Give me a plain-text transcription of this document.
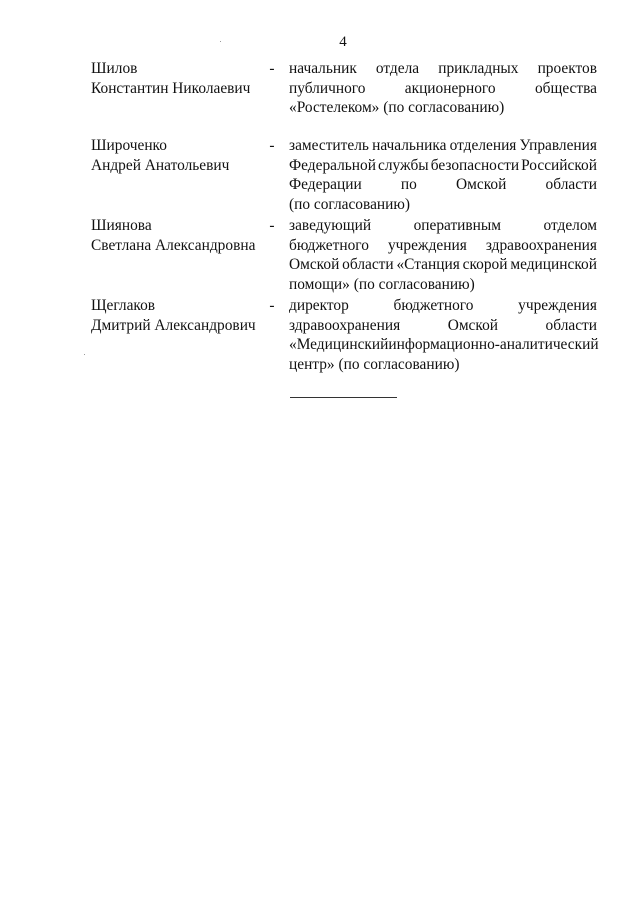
4
Шилов
Константин Николаевич
- начальник отдела прикладных проектов
публичного	акционерного	общества
«Ростелеком» (по согласованию)
Широченко
Андрей Анатольевич
- заместитель начальника отделения Управления
Федеральной службы безопасности Российской
Федерации	по	Омской	области
(по согласованию)
Шиянова
Светлана Александровна
- заведующий	оперативным	отделом
бюджетного учреждения здравоохранения
Омской области «Станция скорой медицинской
помощи» (по согласованию)
Щеглаков
Дмитрий Александрович
- директор	бюджетного	учреждения
здравоохранения	Омской	области
«Медицинский информационно-аналитический
центр» (по согласованию)
